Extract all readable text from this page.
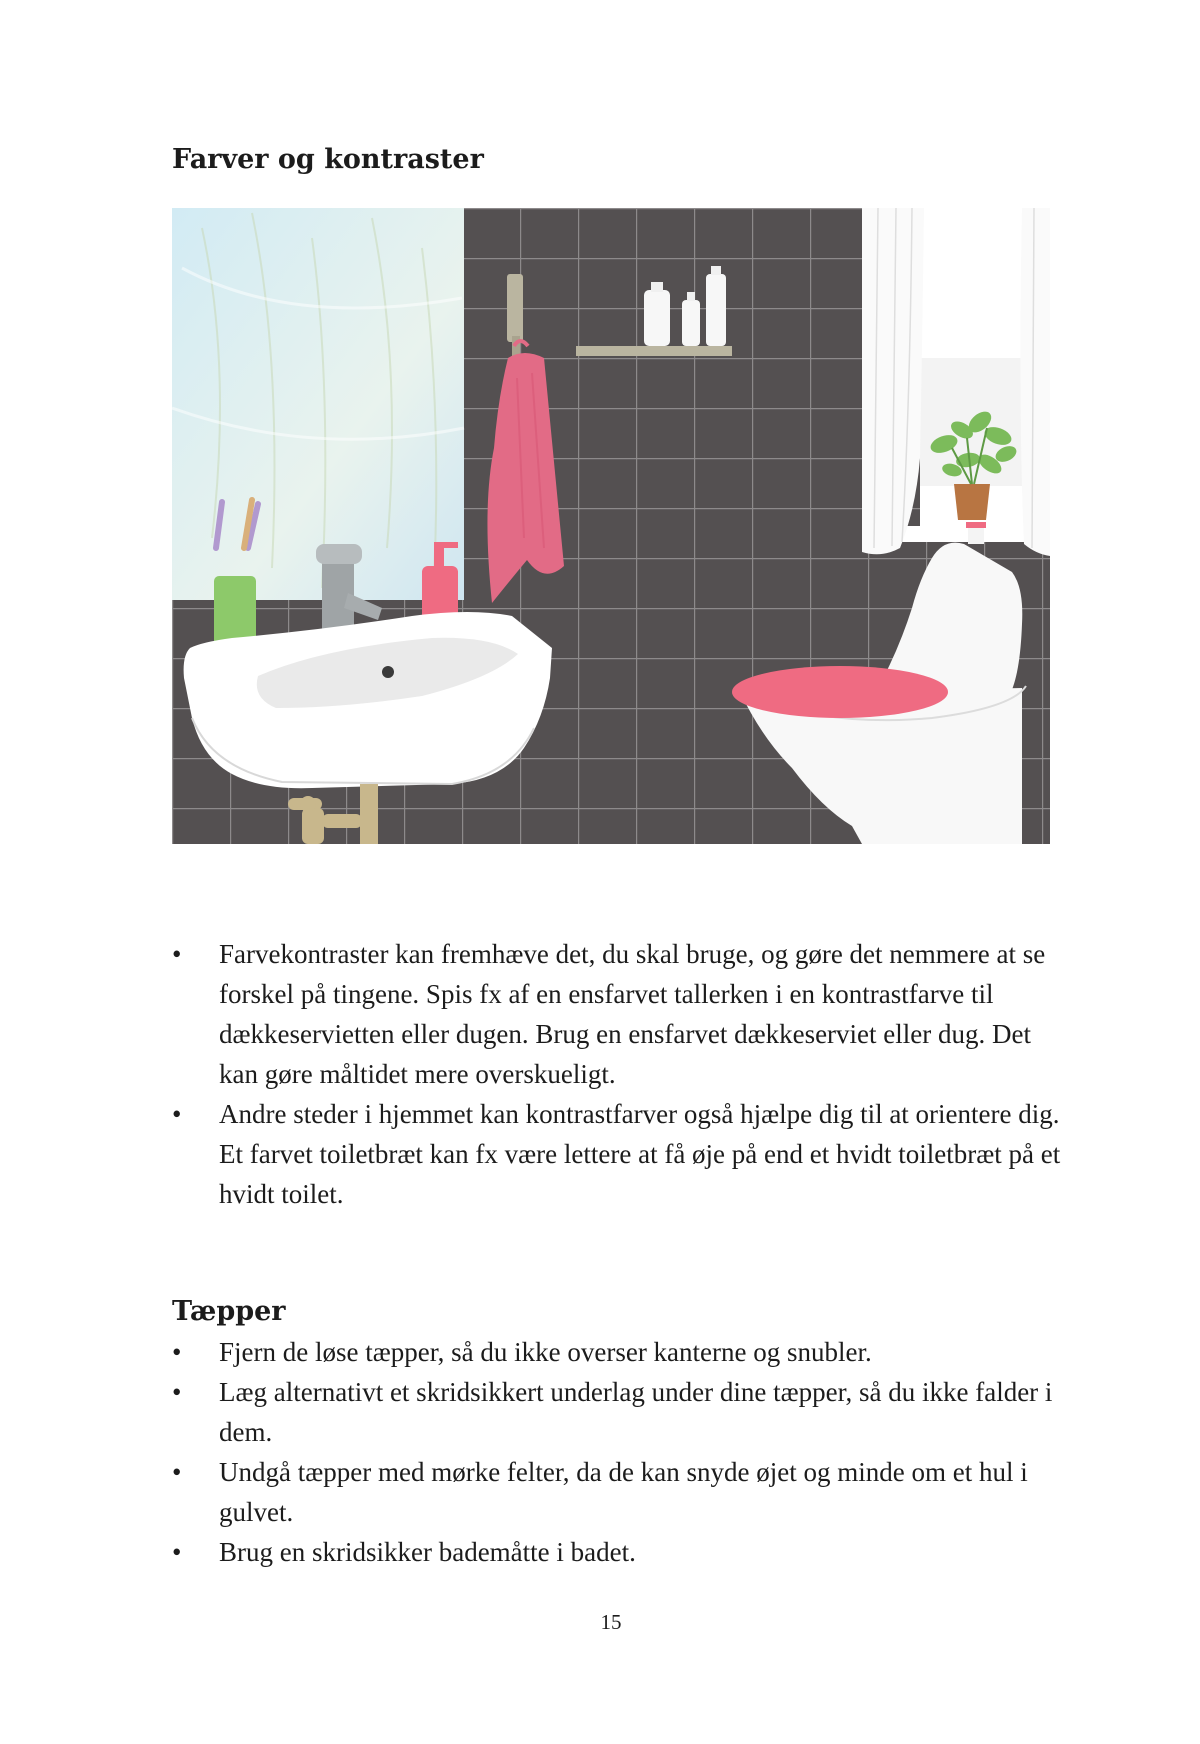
Farver og kontraster
• Farvekontraster kan fremhæve det, du skal bruge, og gøre det nemmere at se forskel på tingene. Spis fx af en ensfarvet tallerken i en kontrastfarve til dækkeservietten eller dugen. Brug en ensfarvet dækkeserviet eller dug. Det kan gøre måltidet mere overskueligt.
• Andre steder i hjemmet kan kontrastfarver også hjælpe dig til at orientere dig. Et farvet toiletbræt kan fx være lettere at få øje på end et hvidt toiletbræt på et hvidt toilet.
Tæpper
• Fjern de løse tæpper, så du ikke overser kanterne og snubler.
• Læg alternativt et skridsikkert underlag under dine tæpper, så du ikke falder i dem.
• Undgå tæpper med mørke felter, da de kan snyde øjet og minde om et hul i gulvet.
• Brug en skridsikker bademåtte i badet.
15
